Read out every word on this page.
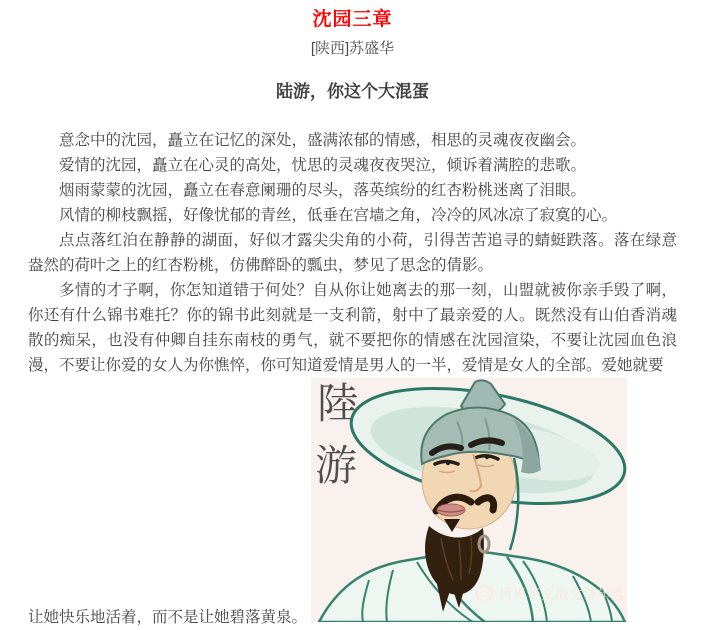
沈园三章
[陕西]苏盛华
陆游，你这个大混蛋

意念中的沈园，矗立在记忆的深处，盛满浓郁的情感，相思的灵魂夜夜幽会。

爱情的沈园，矗立在心灵的高处，忧思的灵魂夜夜哭泣，倾诉着满腔的悲歌。

烟雨蒙蒙的沈园，矗立在春意阑珊的尽头，落英缤纷的红杏粉桃迷离了泪眼。

风情的柳枝飘摇，好像忧郁的青丝，低垂在宫墙之角，冷冷的风冰凉了寂寞的心。

点点落红泊在静静的湖面，好似才露尖尖角的小荷，引得苦苦追寻的蜻蜓跌落。落在绿意盎然的荷叶之上的红杏粉桃，仿佛醉卧的瓢虫，梦见了思念的倩影。

多情的才子啊，你怎知道错于何处？自从你让她离去的那一刻，山盟就被你亲手毁了啊，你还有什么锦书难托？你的锦书此刻就是一支利箭，射中了最亲爱的人。既然没有山伯香消魂散的痴呆，也没有仲卿自挂东南枝的勇气，就不要把你的情感在沈园渲染，不要让沈园血色浪漫，不要让你爱的女人为你憔悴，你可知道爱情是男人的一半，爱情是女人的全部。爱她就要

让她快乐地活着，而不是让她碧落黄泉。
陸
游
世界华文散文诗年选
